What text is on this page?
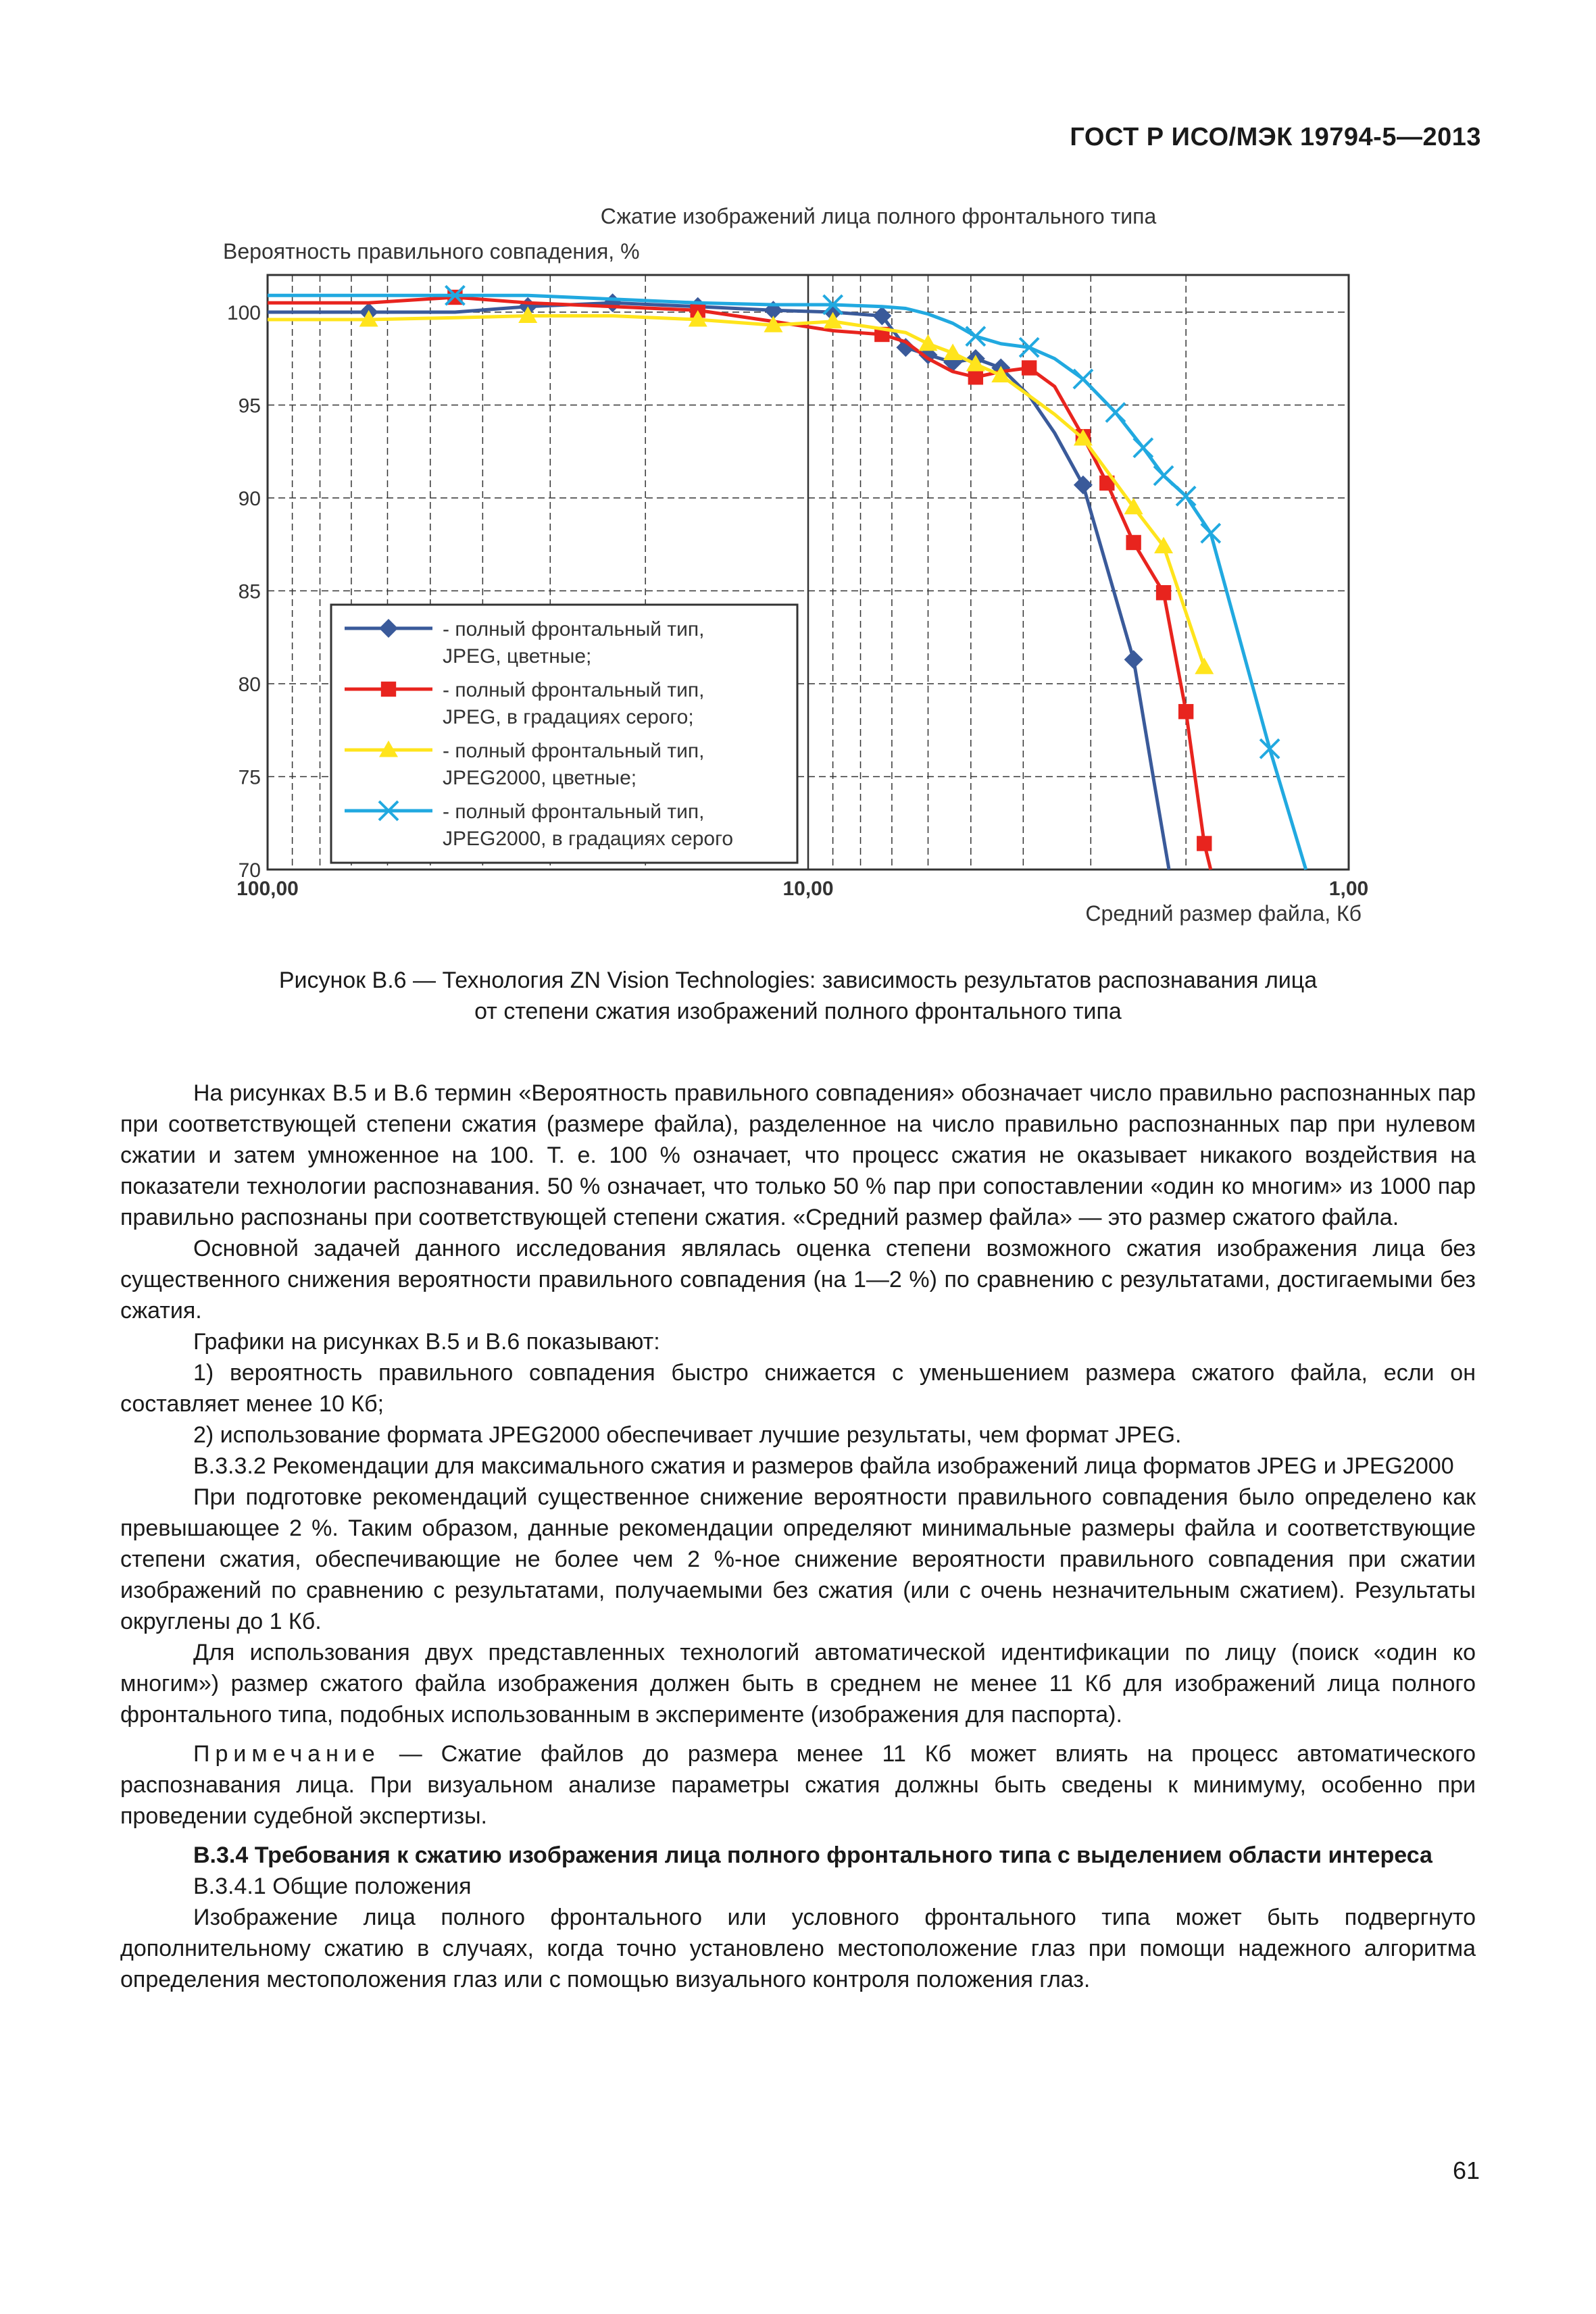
ГОСТ Р ИСО/МЭК 19794-5—2013
Сжатие изображений лица полного фронтального типа
Вероятность правильного совпадения, %
Средний размер файла, Кб
70
75
80
85
90
95
100
100,00	10,00	1,00
- полный фронтальный тип,
JPEG, цветные;
- полный фронтальный тип,
JPEG, в градациях серого;
- полный фронтальный тип,
JPEG2000, цветные;
- полный фронтальный тип,
JPEG2000, в градациях серого
Рисунок В.6 — Технология ZN Vision Technologies: зависимость результатов распознавания лица
от степени сжатия изображений полного фронтального типа

На рисунках В.5 и В.6 термин «Вероятность правильного совпадения» обозначает число правильно распознанных пар при соответствующей степени сжатия (размере файла), разделенное на число правильно распознанных пар при нулевом сжатии и затем умноженное на 100. Т. е. 100 % означает, что процесс сжатия не оказывает никакого воздействия на показатели технологии распознавания. 50 % означает, что только 50 % пар при сопоставлении «один ко многим» из 1000 пар правильно распознаны при соответствующей степени сжатия. «Средний размер файла» — это размер сжатого файла.

Основной задачей данного исследования являлась оценка степени возможного сжатия изображения лица без существенного снижения вероятности правильного совпадения (на 1—2 %) по сравнению с результатами, достигаемыми без сжатия.

Графики на рисунках В.5 и В.6 показывают:

1) вероятность правильного совпадения быстро снижается с уменьшением размера сжатого файла, если он составляет менее 10 Кб;

2) использование формата JPEG2000 обеспечивает лучшие результаты, чем формат JPEG.

В.3.3.2 Рекомендации для максимального сжатия и размеров файла изображений лица форматов JPEG и JPEG2000

При подготовке рекомендаций существенное снижение вероятности правильного совпадения было определено как превышающее 2 %. Таким образом, данные рекомендации определяют минимальные размеры файла и соответствующие степени сжатия, обеспечивающие не более чем 2 %-ное снижение вероятности правильного совпадения при сжатии изображений по сравнению с результатами, получаемыми без сжатия (или с очень незначительным сжатием). Результаты округлены до 1 Кб.

Для использования двух представленных технологий автоматической идентификации по лицу (поиск «один ко многим») размер сжатого файла изображения должен быть в среднем не менее 11 Кб для изображений лица полного фронтального типа, подобных использованным в эксперименте (изображения для паспорта).

Примечание — Сжатие файлов до размера менее 11 Кб может влиять на процесс автоматического распознавания лица. При визуальном анализе параметры сжатия должны быть сведены к минимуму, особенно при проведении судебной экспертизы.

В.3.4 Требования к сжатию изображения лица полного фронтального типа с выделением области интереса

В.3.4.1 Общие положения

Изображение лица полного фронтального или условного фронтального типа может быть подвергнуто дополнительному сжатию в случаях, когда точно установлено местоположение глаз при помощи надежного алгоритма определения местоположения глаз или с помощью визуального контроля положения глаз.

61
